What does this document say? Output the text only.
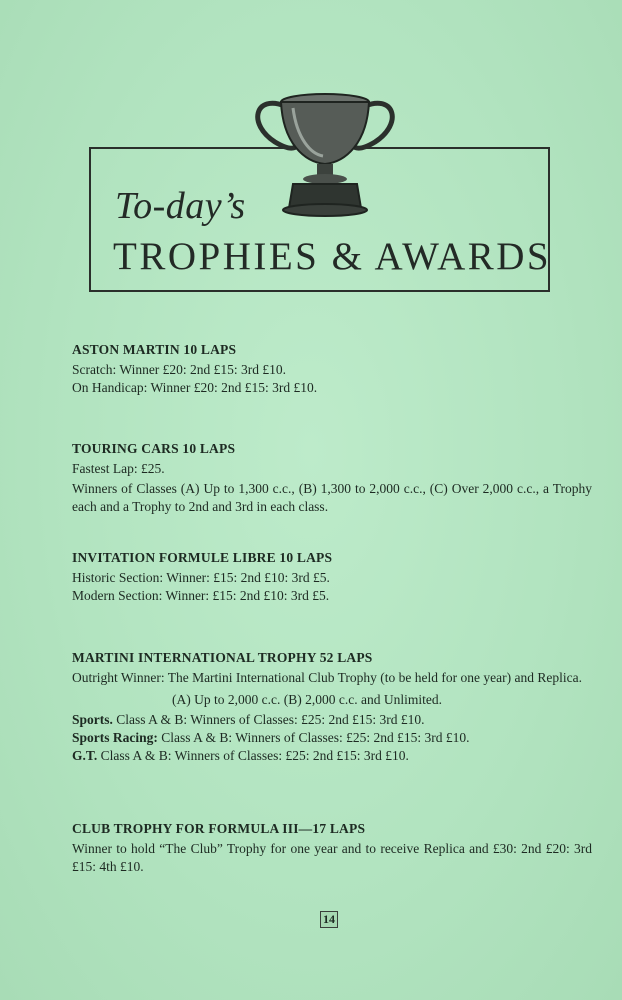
To-day’s
TROPHIES & AWARDS

ASTON MARTIN 10 LAPS

Scratch: Winner £20: 2nd £15: 3rd £10.

On Handicap: Winner £20: 2nd £15: 3rd £10.

TOURING CARS 10 LAPS

Fastest Lap: £25.

Winners of Classes (A) Up to 1,300 c.c., (B) 1,300 to 2,000 c.c., (C) Over 2,000 c.c., a Trophy each and a Trophy to 2nd and 3rd in each class.

INVITATION FORMULE LIBRE 10 LAPS

Historic Section: Winner: £15: 2nd £10: 3rd £5.

Modern Section: Winner: £15: 2nd £10: 3rd £5.

MARTINI INTERNATIONAL TROPHY 52 LAPS

Outright Winner: The Martini International Club Trophy (to be held for one year) and Replica.

(A) Up to 2,000 c.c. (B) 2,000 c.c. and Unlimited.

Sports. Class A & B: Winners of Classes: £25: 2nd £15: 3rd £10.

Sports Racing: Class A & B: Winners of Classes: £25: 2nd £15: 3rd £10.

G.T. Class A & B: Winners of Classes: £25: 2nd £15: 3rd £10.

CLUB TROPHY FOR FORMULA III—17 LAPS

Winner to hold “The Club” Trophy for one year and to receive Replica and £30: 2nd £20: 3rd £15: 4th £10.

14
